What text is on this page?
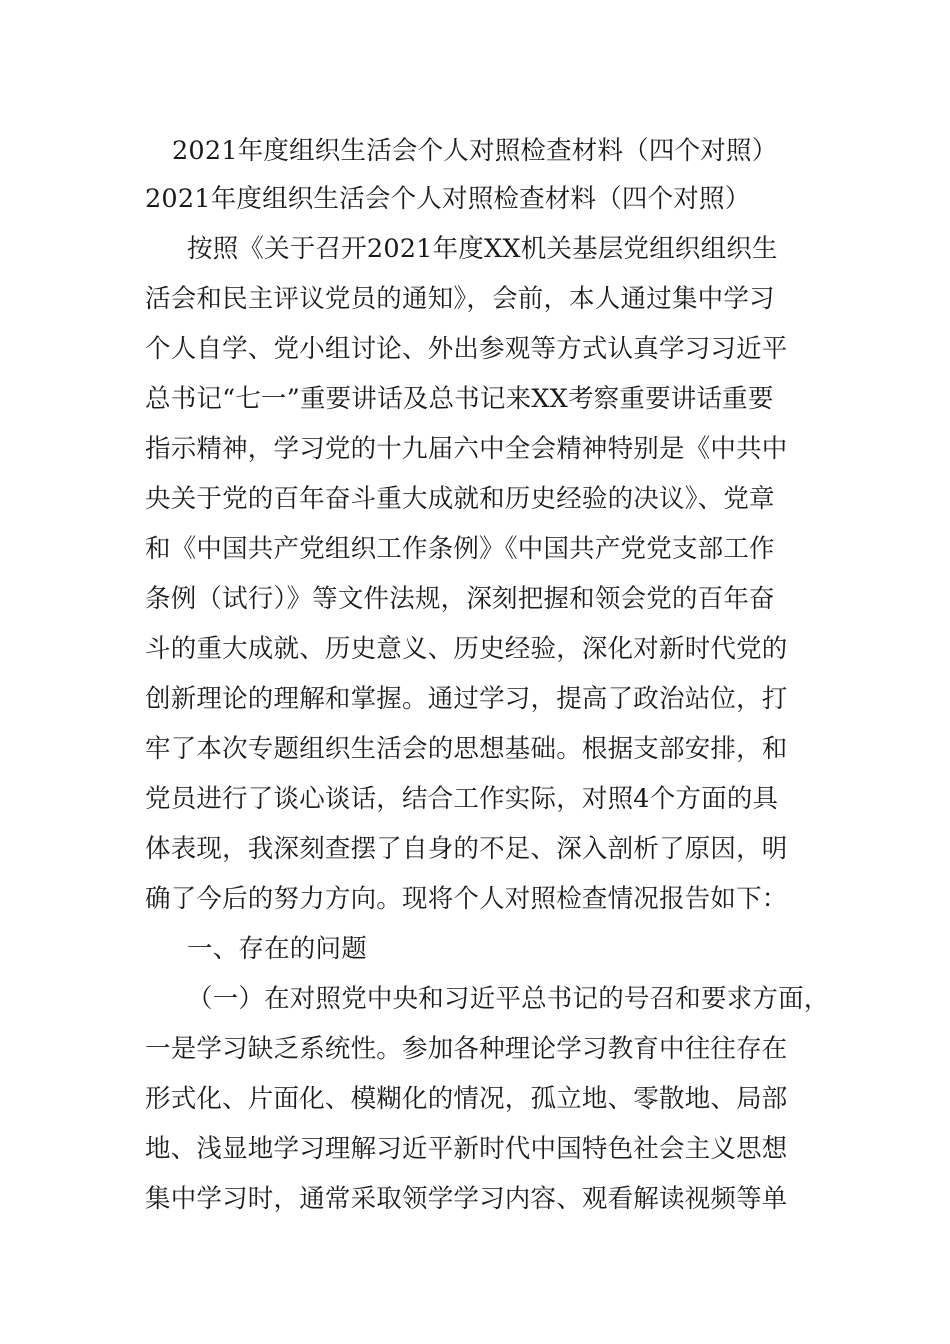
2021年度组织生活会个人对照检查材料（四个对照）
2021年度组织生活会个人对照检查材料（四个对照）
按照《关于召开2021年度XX机关基层党组织组织生
活会和民主评议党员的通知》，会前，本人通过集中学习
个人自学、党小组讨论、外出参观等方式认真学习习近平
总书记“七一”重要讲话及总书记来XX考察重要讲话重要
指示精神，学习党的十九届六中全会精神特别是《中共中
央关于党的百年奋斗重大成就和历史经验的决议》、党章
和《中国共产党组织工作条例》《中国共产党党支部工作
条例（试行）》等文件法规，深刻把握和领会党的百年奋
斗的重大成就、历史意义、历史经验，深化对新时代党的
创新理论的理解和掌握。通过学习，提高了政治站位，打
牢了本次专题组织生活会的思想基础。根据支部安排，和
党员进行了谈心谈话，结合工作实际，对照4个方面的具
体表现，我深刻查摆了自身的不足、深入剖析了原因，明
确了今后的努力方向。现将个人对照检查情况报告如下：
一、存在的问题
（一）在对照党中央和习近平总书记的号召和要求方面，
一是学习缺乏系统性。参加各种理论学习教育中往往存在
形式化、片面化、模糊化的情况，孤立地、零散地、局部
地、浅显地学习理解习近平新时代中国特色社会主义思想
集中学习时，通常采取领学学习内容、观看解读视频等单
